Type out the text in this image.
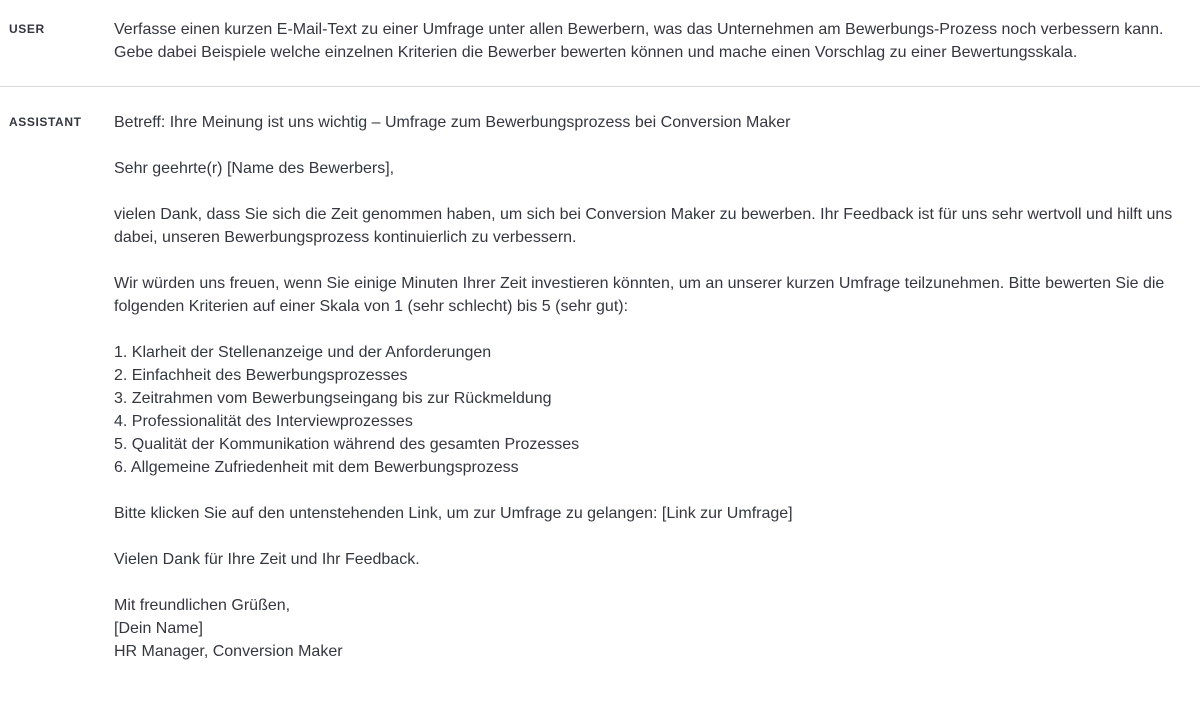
USER	Verfasse einen kurzen E-Mail-Text zu einer Umfrage unter allen Bewerbern, was das Unternehmen am Bewerbungs-Prozess noch verbessern kann. Gebe dabei Beispiele welche einzelnen Kriterien die Bewerber bewerten können und mache einen Vorschlag zu einer Bewertungsskala.
ASSISTANT	Betreff: Ihre Meinung ist uns wichtig – Umfrage zum Bewerbungsprozess bei Conversion Maker
Sehr geehrte(r) [Name des Bewerbers],
vielen Dank, dass Sie sich die Zeit genommen haben, um sich bei Conversion Maker zu bewerben. Ihr Feedback ist für uns sehr wertvoll und hilft uns dabei, unseren Bewerbungsprozess kontinuierlich zu verbessern.
Wir würden uns freuen, wenn Sie einige Minuten Ihrer Zeit investieren könnten, um an unserer kurzen Umfrage teilzunehmen. Bitte bewerten Sie die folgenden Kriterien auf einer Skala von 1 (sehr schlecht) bis 5 (sehr gut):
1. Klarheit der Stellenanzeige und der Anforderungen
2. Einfachheit des Bewerbungsprozesses
3. Zeitrahmen vom Bewerbungseingang bis zur Rückmeldung
4. Professionalität des Interviewprozesses
5. Qualität der Kommunikation während des gesamten Prozesses
6. Allgemeine Zufriedenheit mit dem Bewerbungsprozess
Bitte klicken Sie auf den untenstehenden Link, um zur Umfrage zu gelangen: [Link zur Umfrage]
Vielen Dank für Ihre Zeit und Ihr Feedback.
Mit freundlichen Grüßen,
[Dein Name]
HR Manager, Conversion Maker
